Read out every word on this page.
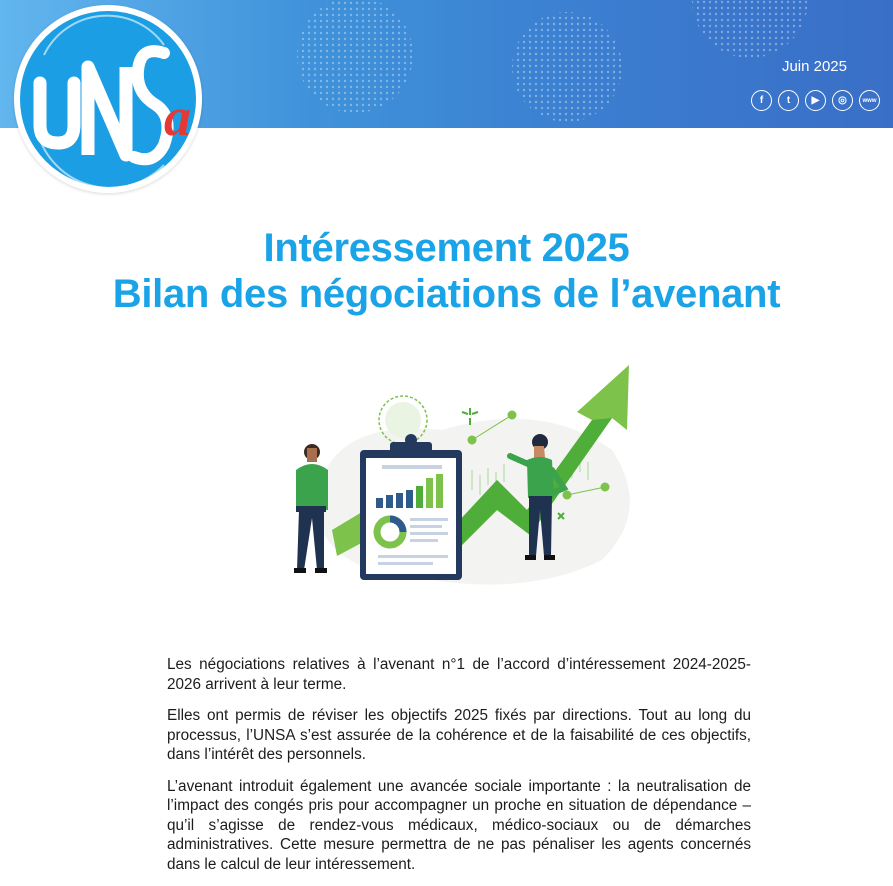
Juin 2025
f	t	▶	◎	www
a
Intéressement 2025
Bilan des négociations de l’avenant

Les négociations relatives à l’avenant n°1 de l’accord d’intéressement 2024-2025-2026 arrivent à leur terme.

Elles ont permis de réviser les objectifs 2025 fixés par directions. Tout au long du processus, l’UNSA s’est assurée de la cohérence et de la faisabilité de ces objectifs, dans l’intérêt des personnels.

L’avenant introduit également une avancée sociale importante : la neutralisation de l’impact des congés pris pour accompagner un proche en situation de dépendance – qu’il s’agisse de rendez-vous médicaux, médico-sociaux ou de démarches administratives. Cette mesure permettra de ne pas pénaliser les agents concernés dans le calcul de leur intéressement.
